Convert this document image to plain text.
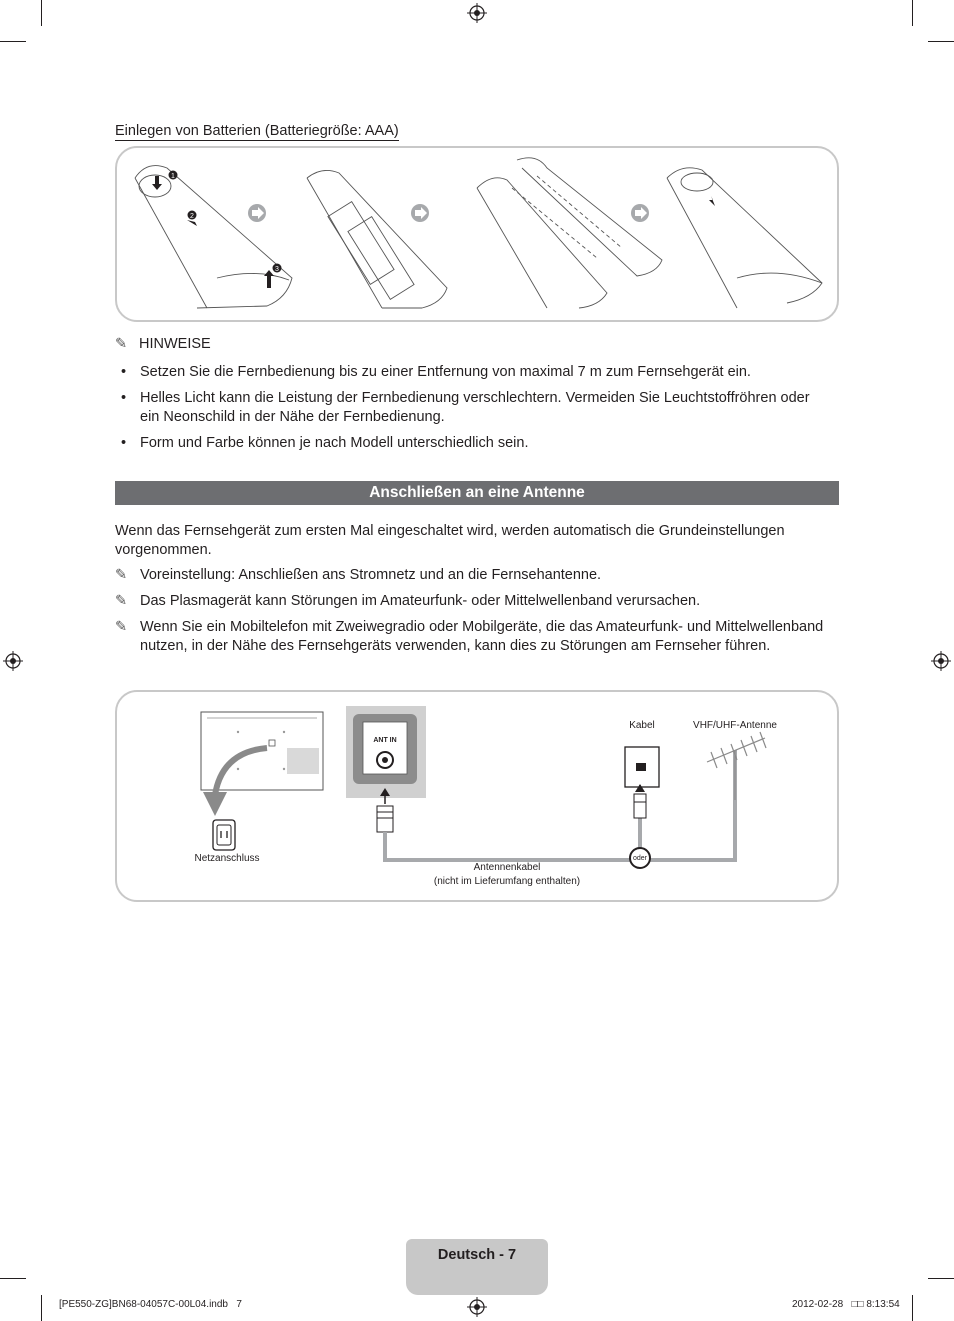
Einlegen von Batterien (Batteriegröße: AAA)
1
2
3
✎ HINWEISE
• Setzen Sie die Fernbedienung bis zu einer Entfernung von maximal 7 m zum Fernsehgerät ein.
• Helles Licht kann die Leistung der Fernbedienung verschlechtern. Vermeiden Sie Leuchtstoffröhren oder ein Neonschild in der Nähe der Fernbedienung.
• Form und Farbe können je nach Modell unterschiedlich sein.
Anschließen an eine Antenne
Wenn das Fernsehgerät zum ersten Mal eingeschaltet wird, werden automatisch die Grundeinstellungen vorgenommen.
✎ Voreinstellung: Anschließen ans Stromnetz und an die Fernsehantenne.
✎ Das Plasmagerät kann Störungen im Amateurfunk- oder Mittelwellenband verursachen.
✎ Wenn Sie ein Mobiltelefon mit Zweiwegradio oder Mobilgeräte, die das Amateurfunk- und Mittelwellenband nutzen, in der Nähe des Fernsehgeräts verwenden, kann dies zu Störungen am Fernseher führen.
ANT IN
oder
Netzanschluss
Kabel	VHF/UHF-Antenne
Antennenkabel
(nicht im Lieferumfang enthalten)
Deutsch - 7
[PE550-ZG]BN68-04057C-00L04.indb 7	2012-02-28   □□ 8:13:54
